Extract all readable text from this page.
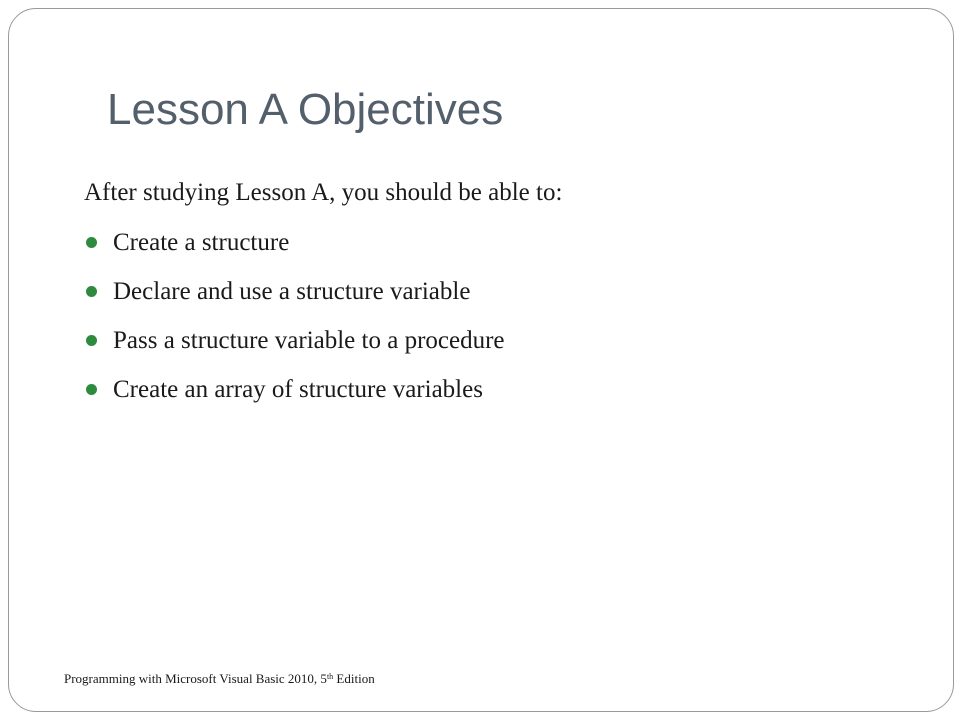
Lesson A Objectives
After studying Lesson A, you should be able to:
Create a structure
Declare and use a structure variable
Pass a structure variable to a procedure
Create an array of structure variables
Programming with Microsoft Visual Basic 2010, 5th Edition
